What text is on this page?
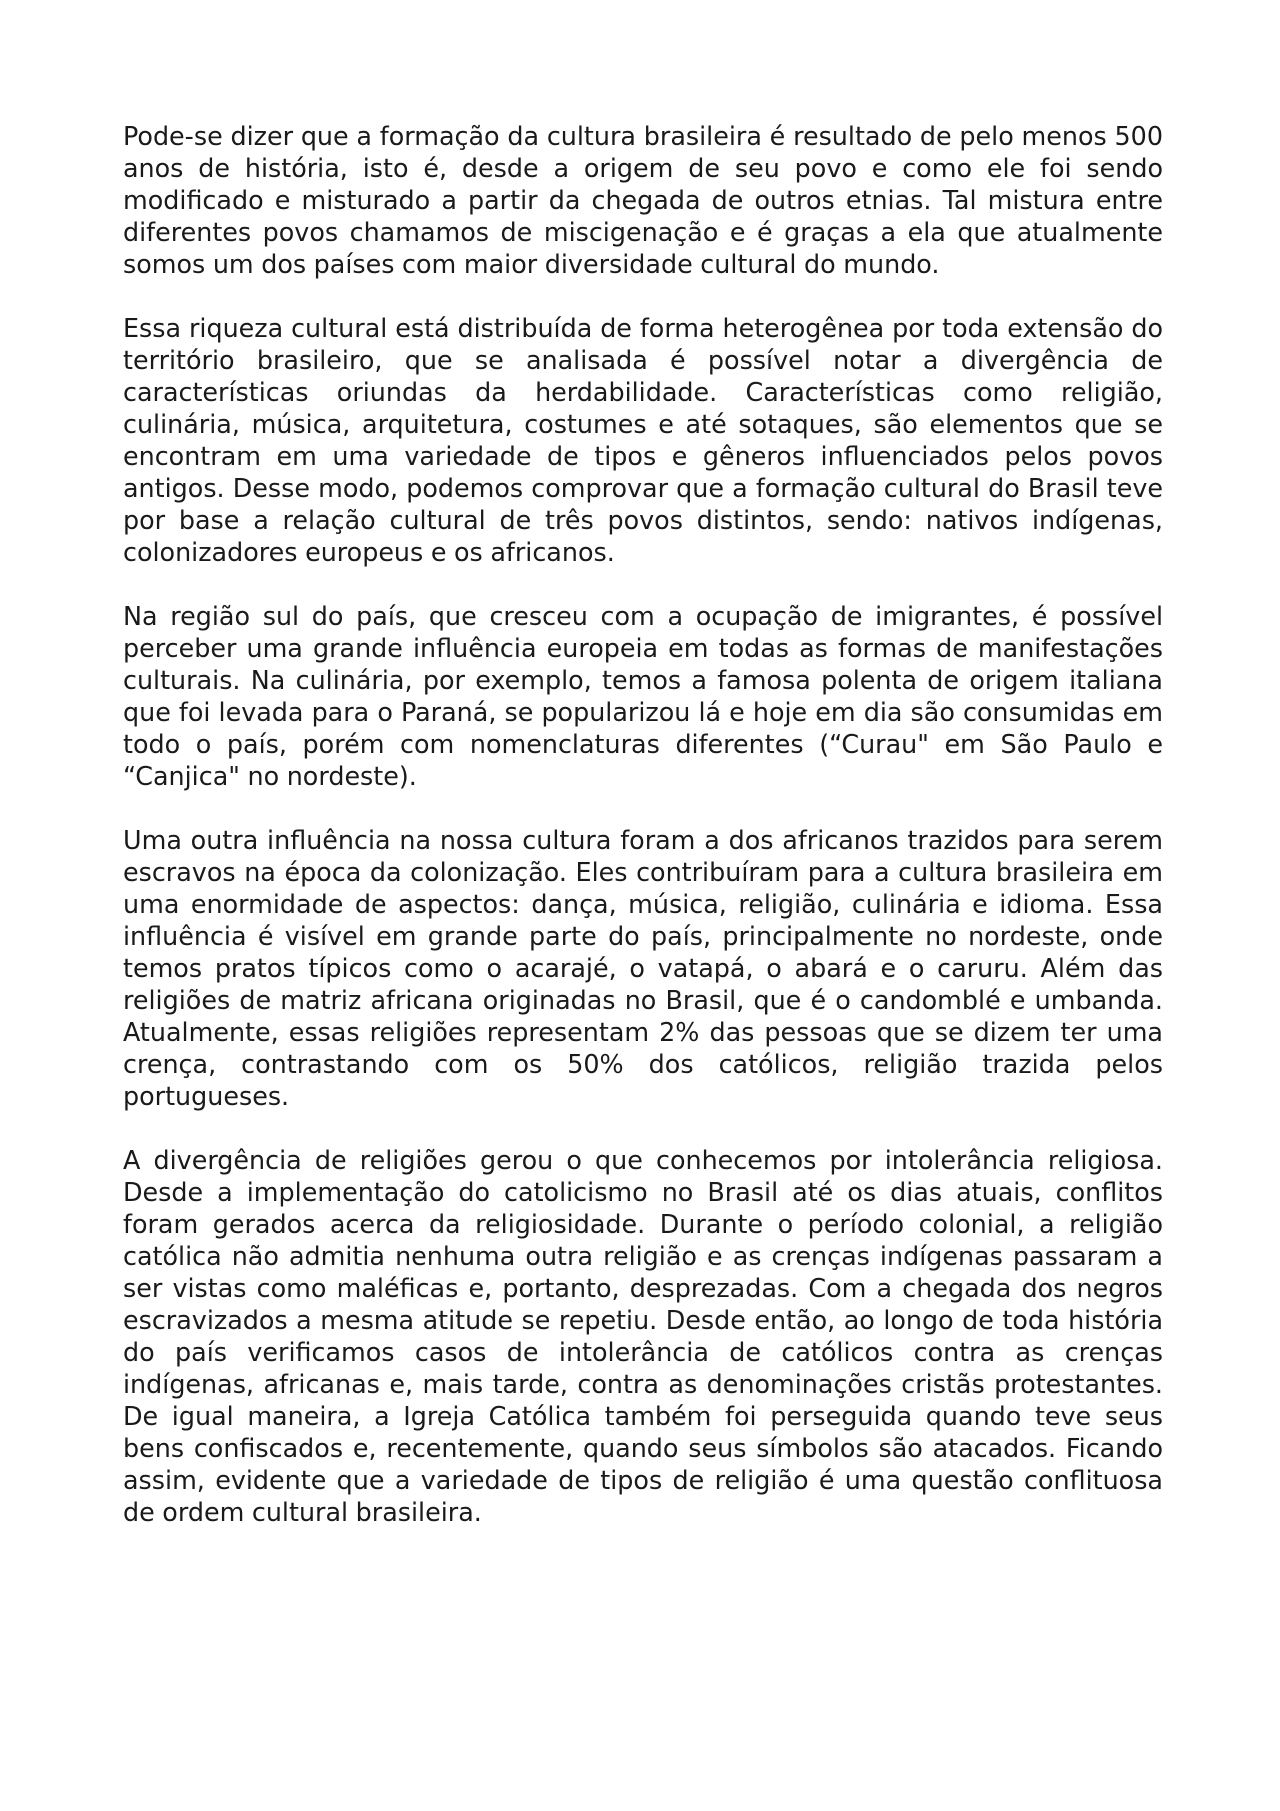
Pode-se dizer que a formação da cultura brasileira é resultado de pelo menos 500 anos de história, isto é, desde a origem de seu povo e como ele foi sendo modificado e misturado a partir da chegada de outros etnias. Tal mistura entre diferentes povos chamamos de miscigenação e é graças a ela que atualmente somos um dos países com maior diversidade cultural do mundo.

Essa riqueza cultural está distribuída de forma heterogênea por toda extensão do território brasileiro, que se analisada é possível notar a divergência de características oriundas da herdabilidade. Características como religião, culinária, música, arquitetura, costumes e até sotaques, são elementos que se encontram em uma variedade de tipos e gêneros influenciados pelos povos antigos. Desse modo, podemos comprovar que a formação cultural do Brasil teve por base a relação cultural de três povos distintos, sendo: nativos indígenas, colonizadores europeus e os africanos.

Na região sul do país, que cresceu com a ocupação de imigrantes, é possível perceber uma grande influência europeia em todas as formas de manifestações culturais. Na culinária, por exemplo, temos a famosa polenta de origem italiana que foi levada para o Paraná, se popularizou lá e hoje em dia são consumidas em todo o país, porém com nomenclaturas diferentes (“Curau" em São Paulo e “Canjica" no nordeste).

Uma outra influência na nossa cultura foram a dos africanos trazidos para serem escravos na época da colonização. Eles contribuíram para a cultura brasileira em uma enormidade de aspectos: dança, música, religião, culinária e idioma. Essa influência é visível em grande parte do país, principalmente no nordeste, onde temos pratos típicos como o acarajé, o vatapá, o abará e o caruru. Além das religiões de matriz africana originadas no Brasil, que é o candomblé e umbanda. Atualmente, essas religiões representam 2% das pessoas que se dizem ter uma crença, contrastando com os 50% dos católicos, religião trazida pelos portugueses.

A divergência de religiões gerou o que conhecemos por intolerância religiosa. Desde a implementação do catolicismo no Brasil até os dias atuais, conflitos foram gerados acerca da religiosidade. Durante o período colonial, a religião católica não admitia nenhuma outra religião e as crenças indígenas passaram a ser vistas como maléficas e, portanto, desprezadas. Com a chegada dos negros escravizados a mesma atitude se repetiu. Desde então, ao longo de toda história do país verificamos casos de intolerância de católicos contra as crenças indígenas, africanas e, mais tarde, contra as denominações cristãs protestantes. De igual maneira, a Igreja Católica também foi perseguida quando teve seus bens confiscados e, recentemente, quando seus símbolos são atacados. Ficando assim, evidente que a variedade de tipos de religião é uma questão conflituosa de ordem cultural brasileira.
